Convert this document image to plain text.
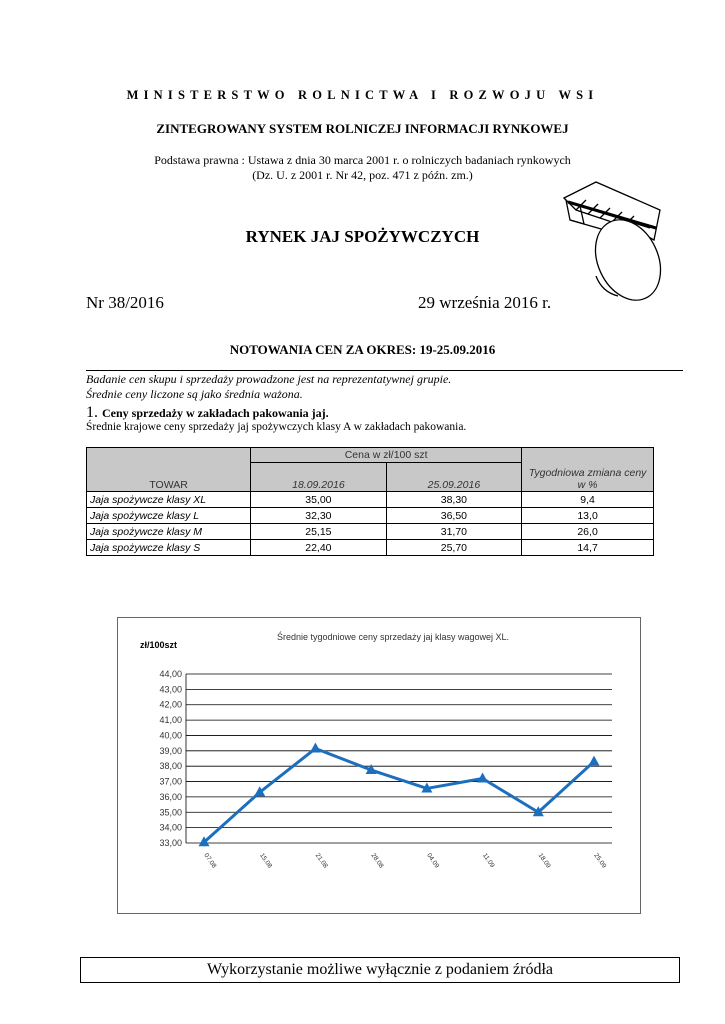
MINISTERSTWO ROLNICTWA I ROZWOJU WSI
ZINTEGROWANY SYSTEM ROLNICZEJ INFORMACJI RYNKOWEJ
Podstawa prawna : Ustawa z dnia 30 marca 2001 r. o rolniczych badaniach rynkowych
(Dz. U. z 2001 r. Nr 42, poz. 471 z późn. zm.)
RYNEK JAJ SPOŻYWCZYCH
Nr 38/2016	29 września 2016 r.
NOTOWANIA CEN ZA OKRES: 19-25.09.2016
Badanie cen skupu i sprzedaży prowadzone jest na reprezentatywnej grupie.
Średnie ceny liczone są jako średnia ważona.
1. Ceny sprzedaży w zakładach pakowania jaj.
Średnie krajowe ceny sprzedaży jaj spożywczych klasy A w zakładach pakowania.
TOWAR	Cena w zł/100 szt		Tygodniowa zmiana ceny w %
	18.09.2016	25.09.2016	
Jaja spożywcze klasy XL	35,00	38,30	9,4
Jaja spożywcze klasy L	32,30	36,50	13,0
Jaja spożywcze klasy M	25,15	31,70	26,0
Jaja spożywcze klasy S	22,40	25,70	14,7
zł/100szt
Średnie tygodniowe ceny sprzedaży jaj klasy wagowej XL.
33,00
34,00
35,00
36,00
37,00
38,00
39,00
40,00
41,00
42,00
43,00
44,00
07.08	15.08	21.08	28.08	04.09	11.09	18.09	25.09
Wykorzystanie możliwe wyłącznie z podaniem źródła
